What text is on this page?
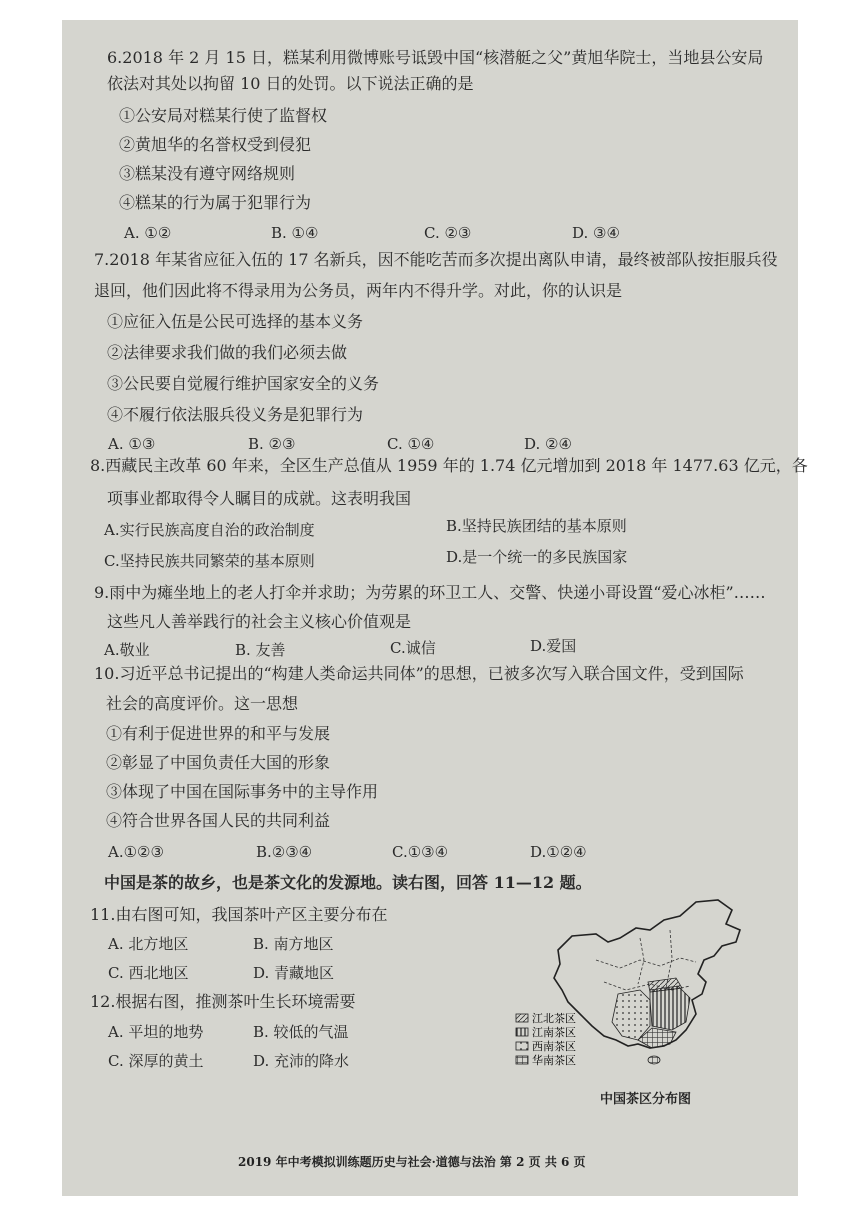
6.2018 年 2 月 15 日，糕某利用微博账号诋毁中国“核潜艇之父”黄旭华院士，当地县公安局
依法对其处以拘留 10 日的处罚。以下说法正确的是
①公安局对糕某行使了监督权
②黄旭华的名誉权受到侵犯
③糕某没有遵守网络规则
④糕某的行为属于犯罪行为
A. ①②	B. ①④	C. ②③	D. ③④
7.2018 年某省应征入伍的 17 名新兵，因不能吃苦而多次提出离队申请，最终被部队按拒服兵役
退回，他们因此将不得录用为公务员，两年内不得升学。对此，你的认识是
①应征入伍是公民可选择的基本义务
②法律要求我们做的我们必须去做
③公民要自觉履行维护国家安全的义务
④不履行依法服兵役义务是犯罪行为
A. ①③	B. ②③	C. ①④	D. ②④
8.西藏民主改革 60 年来，全区生产总值从 1959 年的 1.74 亿元增加到 2018 年 1477.63 亿元，各
项事业都取得令人瞩目的成就。这表明我国
A.实行民族高度自治的政治制度	B.坚持民族团结的基本原则
C.坚持民族共同繁荣的基本原则	D.是一个统一的多民族国家
9.雨中为瘫坐地上的老人打伞并求助；为劳累的环卫工人、交警、快递小哥设置“爱心冰柜”……
这些凡人善举践行的社会主义核心价值观是
A.敬业	B. 友善	C.诚信	D.爱国
10.习近平总书记提出的“构建人类命运共同体”的思想，已被多次写入联合国文件，受到国际
社会的高度评价。这一思想
①有利于促进世界的和平与发展
②彰显了中国负责任大国的形象
③体现了中国在国际事务中的主导作用
④符合世界各国人民的共同利益
A.①②③	B.②③④	C.①③④	D.①②④
中国是茶的故乡，也是茶文化的发源地。读右图，回答 11—12 题。
11.由右图可知，我国茶叶产区主要分布在
A. 北方地区	B. 南方地区
C. 西北地区	D. 青藏地区
12.根据右图，推测茶叶生长环境需要
A. 平坦的地势	B. 较低的气温
C. 深厚的黄土	D. 充沛的降水
江北茶区
江南茶区
西南茶区
华南茶区
中国茶区分布图
2019 年中考模拟训练题历史与社会·道德与法治 第 2 页 共 6 页
